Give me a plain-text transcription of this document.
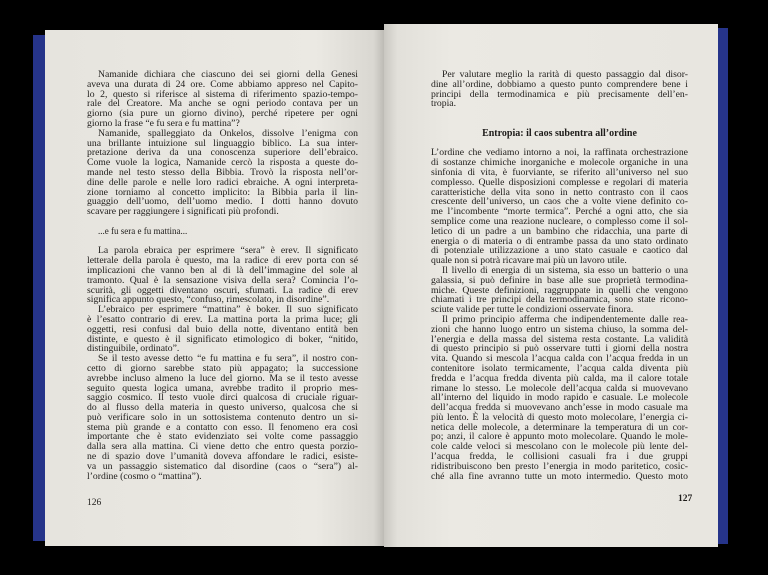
Namanide dichiara che ciascuno dei sei giorni della Genesi
aveva una durata di 24 ore. Come abbiamo appreso nel Capito-
lo 2, questo si riferisce al sistema di riferimento spazio-tempo-
rale del Creatore. Ma anche se ogni periodo contava per un
giorno (sia pure un giorno divino), perché ripetere per ogni
giorno la frase “e fu sera e fu mattina”?
Namanide, spalleggiato da Onkelos, dissolve l’enigma con
una brillante intuizione sul linguaggio biblico. La sua inter-
pretazione deriva da una conoscenza superiore dell’ebraico.
Come vuole la logica, Namanide cercò la risposta a queste do-
mande nel testo stesso della Bibbia. Trovò la risposta nell’or-
dine delle parole e nelle loro radici ebraiche. A ogni interpreta-
zione torniamo al concetto implicito: la Bibbia parla il lin-
guaggio dell’uomo, dell’uomo medio. I dotti hanno dovuto
scavare per raggiungere i significati più profondi.
...e fu sera e fu mattina...
La parola ebraica per esprimere “sera” è erev. Il significato
letterale della parola è questo, ma la radice di erev porta con sé
implicazioni che vanno ben al di là dell’immagine del sole al
tramonto. Qual è la sensazione visiva della sera? Comincia l’o-
scurità, gli oggetti diventano oscuri, sfumati. La radice di erev
significa appunto questo, “confuso, rimescolato, in disordine”.
L’ebraico per esprimere “mattina” è boker. Il suo significato
è l’esatto contrario di erev. La mattina porta la prima luce; gli
oggetti, resi confusi dal buio della notte, diventano entità ben
distinte, e questo è il significato etimologico di boker, “nitido,
distinguibile, ordinato”.
Se il testo avesse detto “e fu mattina e fu sera”, il nostro con-
cetto di giorno sarebbe stato più appagato; la successione
avrebbe incluso almeno la luce del giorno. Ma se il testo avesse
seguito questa logica umana, avrebbe tradito il proprio mes-
saggio cosmico. Il testo vuole dirci qualcosa di cruciale riguar-
do al flusso della materia in questo universo, qualcosa che si
può verificare solo in un sottosistema contenuto dentro un si-
stema più grande e a contatto con esso. Il fenomeno era così
importante che è stato evidenziato sei volte come passaggio
dalla sera alla mattina. Ci viene detto che entro questa porzio-
ne di spazio dove l’umanità doveva affondare le radici, esiste-
va un passaggio sistematico dal disordine (caos o “sera”) al-
l’ordine (cosmo o “mattina”).
126
Per valutare meglio la rarità di questo passaggio dal disor-
dine all’ordine, dobbiamo a questo punto comprendere bene i
principi della termodinamica e più precisamente dell’en-
tropia.
Entropia: il caos subentra all’ordine
L’ordine che vediamo intorno a noi, la raffinata orchestrazione
di sostanze chimiche inorganiche e molecole organiche in una
sinfonia di vita, è fuorviante, se riferito all’universo nel suo
complesso. Quelle disposizioni complesse e regolari di materia
caratteristiche della vita sono in netto contrasto con il caos
crescente dell’universo, un caos che a volte viene definito co-
me l’incombente “morte termica”. Perché a ogni atto, che sia
semplice come una reazione nucleare, o complesso come il sol-
letico di un padre a un bambino che ridacchia, una parte di
energia o di materia o di entrambe passa da uno stato ordinato
di potenziale utilizzazione a uno stato casuale e caotico dal
quale non si potrà ricavare mai più un lavoro utile.
Il livello di energia di un sistema, sia esso un batterio o una
galassia, si può definire in base alle sue proprietà termodina-
miche. Queste definizioni, raggruppate in quelli che vengono
chiamati i tre principi della termodinamica, sono state ricono-
sciute valide per tutte le condizioni osservate finora.
Il primo principio afferma che indipendentemente dalle rea-
zioni che hanno luogo entro un sistema chiuso, la somma del-
l’energia e della massa del sistema resta costante. La validità
di questo principio si può osservare tutti i giorni della nostra
vita. Quando si mescola l’acqua calda con l’acqua fredda in un
contenitore isolato termicamente, l’acqua calda diventa più
fredda e l’acqua fredda diventa più calda, ma il calore totale
rimane lo stesso. Le molecole dell’acqua calda si muovevano
all’interno del liquido in modo rapido e casuale. Le molecole
dell’acqua fredda si muovevano anch’esse in modo casuale ma
più lento. È la velocità di questo moto molecolare, l’energia ci-
netica delle molecole, a determinare la temperatura di un cor-
po; anzi, il calore è appunto moto molecolare. Quando le mole-
cole calde veloci si mescolano con le molecole più lente del-
l’acqua fredda, le collisioni casuali fra i due gruppi
ridistribuiscono ben presto l’energia in modo paritetico, cosic-
ché alla fine avranno tutte un moto intermedio. Questo moto
127
